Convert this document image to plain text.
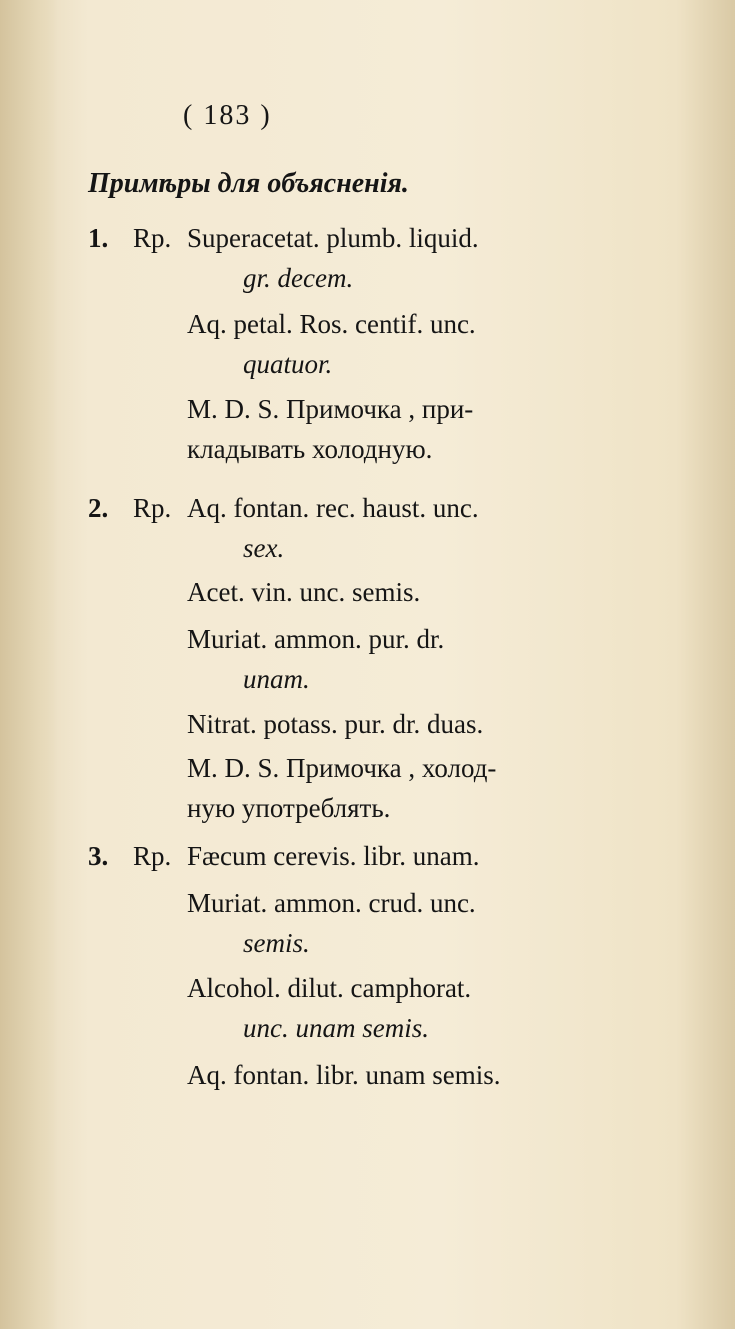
( 183 )
Примѣры для объясненія.
1. Rp. Superacetat. plumb. liquid.
gr. decem.
Aq. petal. Ros. centif. unc.
quatuor.
M. D. S. Примочка , при-
кладывать холодную.
2. Rp. Aq. fontan. rec. haust. unc.
sex.
Acet. vin. unc. semis.
Muriat. ammon. pur. dr.
unam.
Nitrat. potass. pur. dr. duas.
M. D. S. Примочка , холод-
ную употреблять.
3. Rp. Fæcum cerevis. libr. unam.
Muriat. ammon. crud. unc.
semis.
Alcohol. dilut. camphorat.
unc. unam semis.
Aq. fontan. libr. unam semis.
